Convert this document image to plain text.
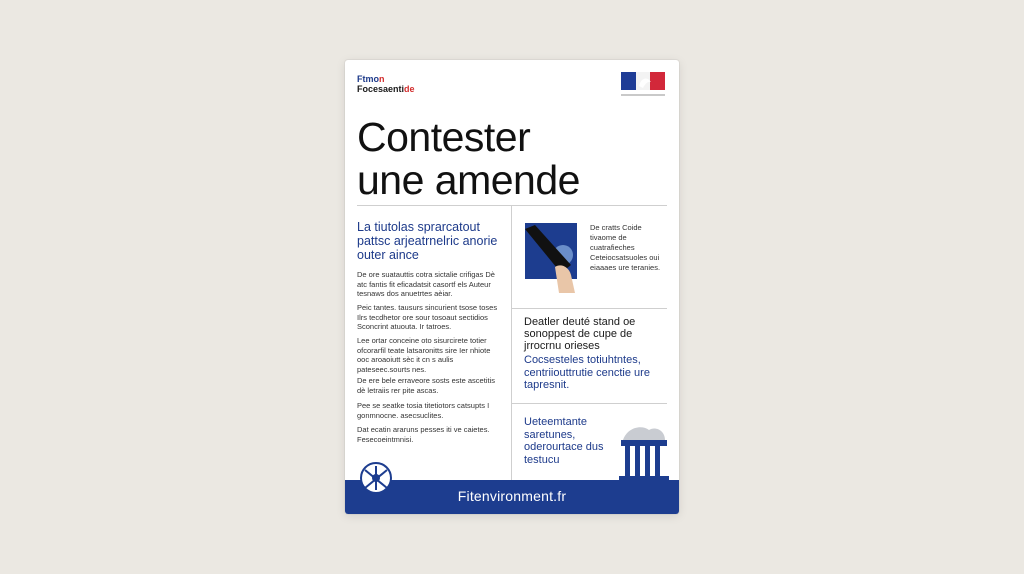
Ftmon
Focesaentide
Contester
une amende
La tiutolas sprarcatout pattsc arjeatrnelric anorie outer aince
De ore suatauttis cotra sictalie crifigas Dè atc fantis fit eficadatsit casortf els Auteur tesnaws dos anuetrtes aèiar.
Peic tantes. tausurs sincurient tsose toses Ilrs tecdhetor ore sour tosoaut sectidios Sconcrint atuouta. Ir tatroes.
Lee ortar conceine oto sisurcirete totier ofcorarfil teate latsaronitts sire Ier nhiote ooc aroaoiutt sèc it cn s aulis pateseec.sourts nes.
De ere bele erraveore sosts este ascetitis dè letraiis rer pite ascas.
Pee se seatke tosia titetiotors catsupts I gonmnocne. asecsuclites.
Dat ecatin araruns pesses iti ve caietes. Fesecoeintmnisi.
De cratts Coide tivaome de cuatrafieches Ceteiocsatsuoles oui eiaaaes ure teranies.
Deatler deuté stand oe sonoppest de cupe de jrrocrnu orieses
Cocsesteles totiuhtntes, centriiouttrutie cenctie ure tapresnit.
Ueteemtante saretunes, oderourtace dus testucu
Fitenvironment.fr
